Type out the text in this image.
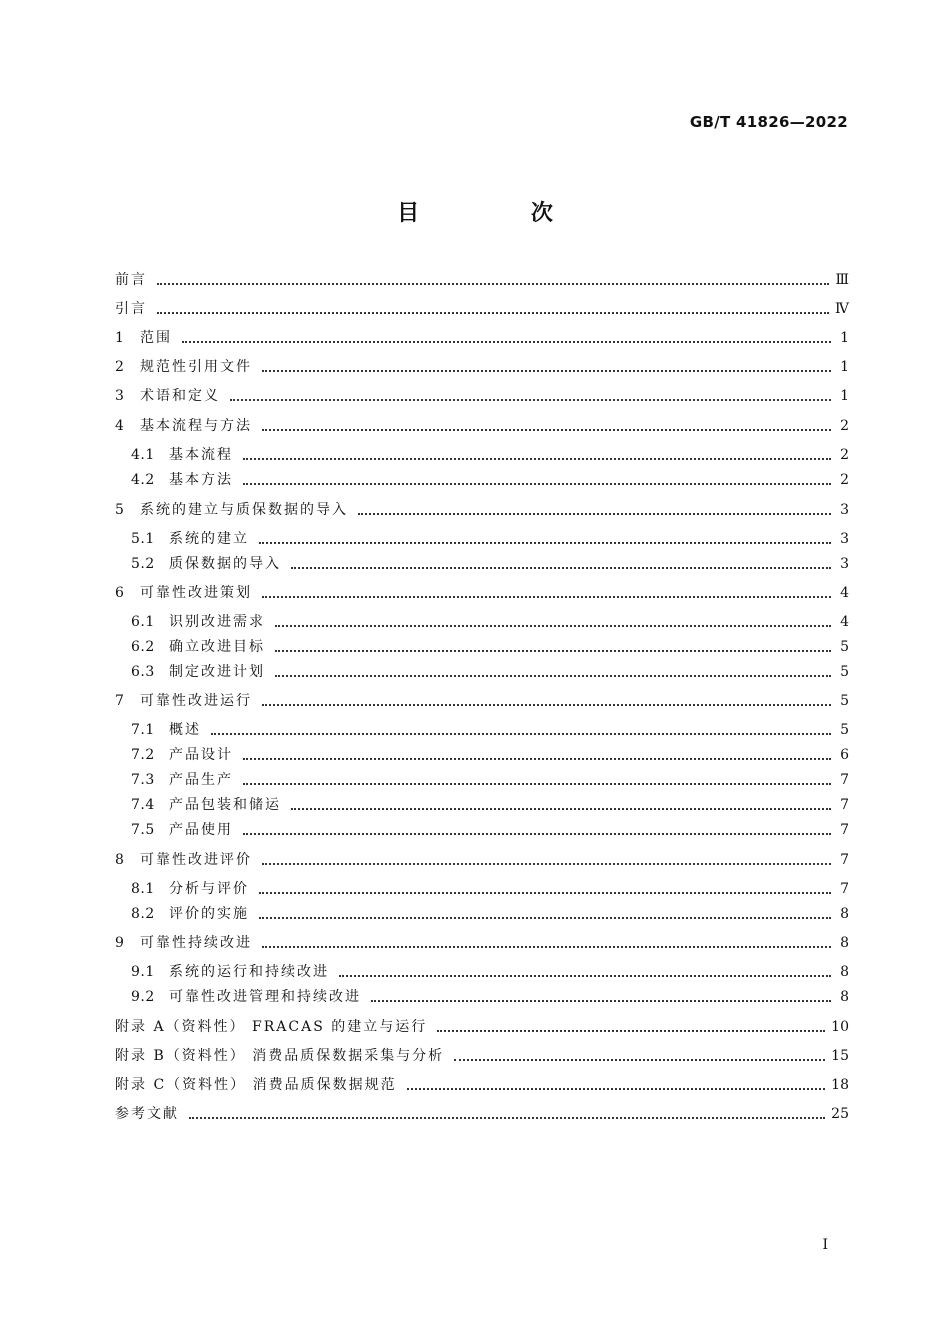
GB/T 41826—2022
目 次
前言	Ⅲ
引言	Ⅳ
1	范围	1
2	规范性引用文件	1
3	术语和定义	1
4	基本流程与方法	2
4.1	基本流程	2
4.2	基本方法	2
5	系统的建立与质保数据的导入	3
5.1	系统的建立	3
5.2	质保数据的导入	3
6	可靠性改进策划	4
6.1	识别改进需求	4
6.2	确立改进目标	5
6.3	制定改进计划	5
7	可靠性改进运行	5
7.1	概述	5
7.2	产品设计	6
7.3	产品生产	7
7.4	产品包装和储运	7
7.5	产品使用	7
8	可靠性改进评价	7
8.1	分析与评价	7
8.2	评价的实施	8
9	可靠性持续改进	8
9.1	系统的运行和持续改进	8
9.2	可靠性改进管理和持续改进	8
附录 A（资料性） FRACAS 的建立与运行	10
附录 B（资料性） 消费品质保数据采集与分析	15
附录 C（资料性） 消费品质保数据规范	18
参考文献	25
I
